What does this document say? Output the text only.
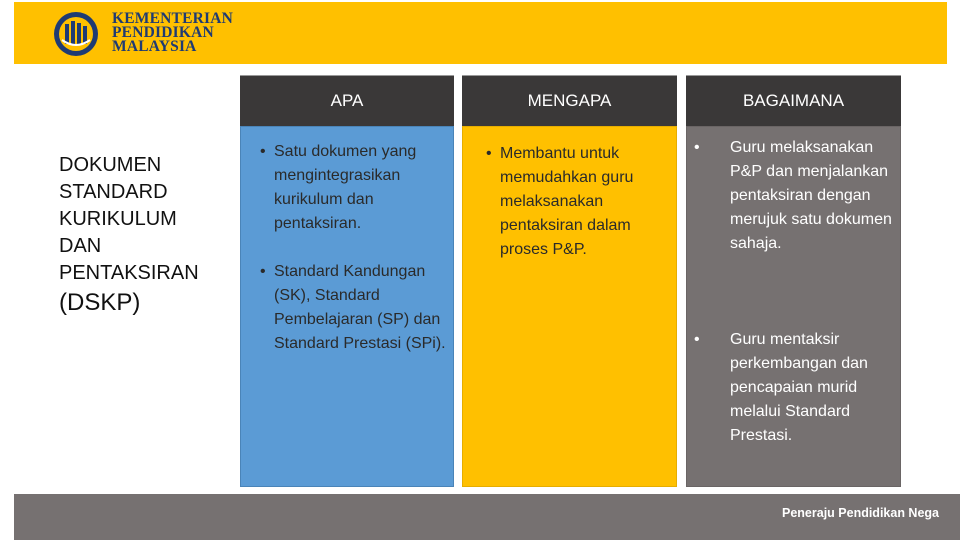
KEMENTERIAN
PENDIDIKAN
MALAYSIA
DOKUMEN
STANDARD
KURIKULUM
DAN
PENTAKSIRAN
(DSKP)
APA
• Satu dokumen yang mengintegrasikan kurikulum dan pentaksiran.
• Standard Kandungan (SK), Standard Pembelajaran (SP) dan Standard Prestasi (SPi).
MENGAPA
• Membantu untuk memudahkan guru melaksanakan pentaksiran dalam proses P&P.
BAGAIMANA
• Guru melaksanakan P&P dan menjalankan pentaksiran dengan merujuk satu dokumen sahaja.
• Guru mentaksir perkembangan dan pencapaian murid melalui Standard Prestasi.
Peneraju Pendidikan Nega
